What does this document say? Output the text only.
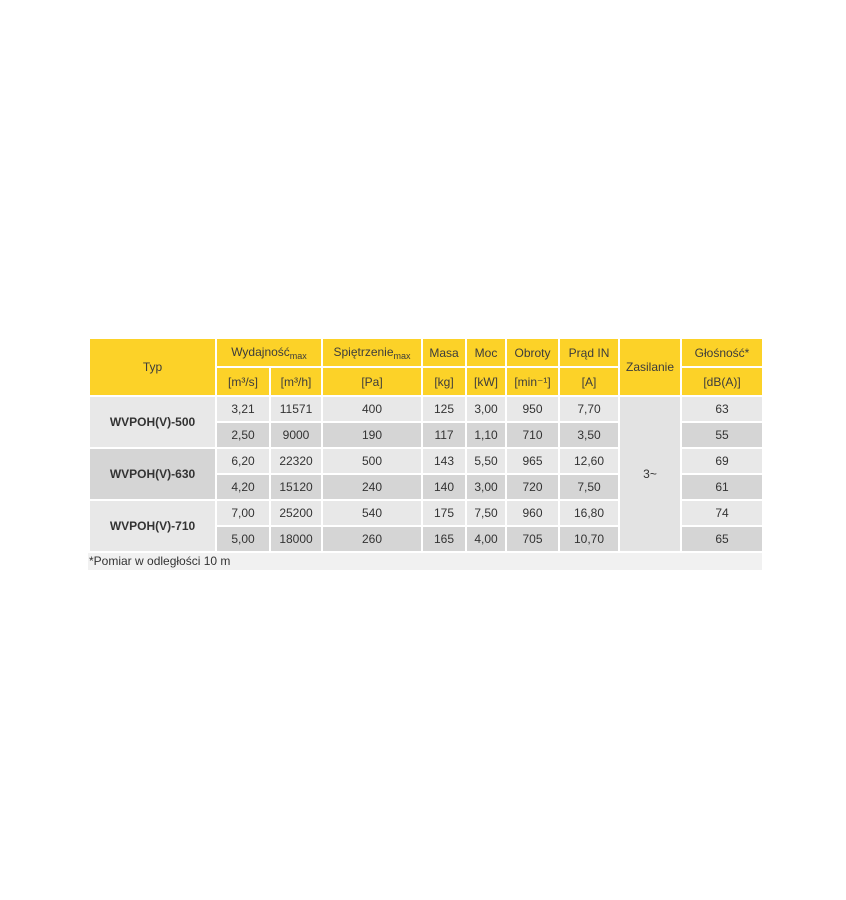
Typ	Wydajność$_{max}$		Spiętrzenie$_{max}$	Masa	Moc	Obroty	Prąd IN	Zasilanie	Głośność*
	[m³/s]	[m³/h]	[Pa]	[kg]	[kW]	[min⁻¹]	[A]		[dB(A)]
WVPOH(V)-500	3,21	11571	400	125	3,00	950	7,70	3~	63
	2,50	9000	190	117	1,10	710	3,50		55
WVPOH(V)-630	6,20	22320	500	143	5,50	965	12,60		69
	4,20	15120	240	140	3,00	720	7,50		61
WVPOH(V)-710	7,00	25200	540	175	7,50	960	16,80		74
	5,00	18000	260	165	4,00	705	10,70		65
*Pomiar w odległości 10 m
